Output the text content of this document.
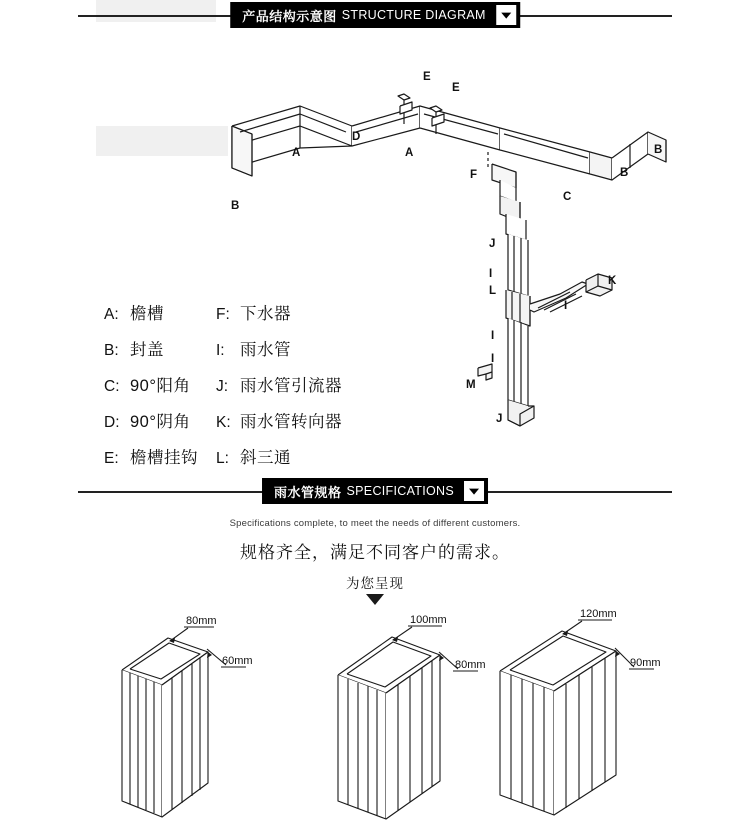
产品结构示意图 STRUCTURE DIAGRAM
A	A
B
B
B
C
D
E
E
F
J
I
I
I
K
L
M
I
J
A: 檐槽
B: 封盖
C: 90°阳角
D: 90°阴角
E: 檐槽挂钩
F: 下水器
I: 雨水管
J: 雨水管引流器
K: 雨水管转向器
L: 斜三通
雨水管规格 SPECIFICATIONS
Specifications complete, to meet the needs of different customers.
规格齐全，满足不同客户的需求。
为您呈现
80mm
60mm
100mm
80mm
120mm
90mm
